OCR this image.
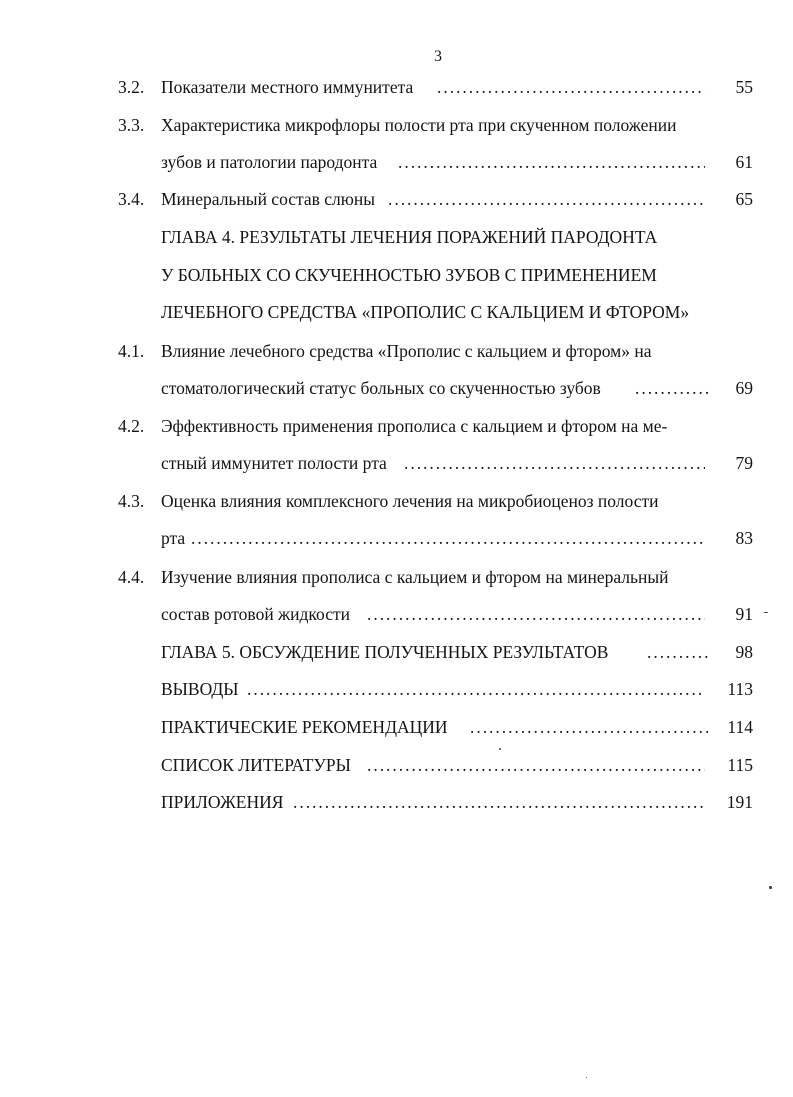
3
3.2. Показатели местного иммунитета . . .	55
3.3. Характеристика микрофлоры полости рта при скученном положении
зубов и патологии пародонта . . .	61
3.4. Минеральный состав слюны . . .	65
ГЛАВА 4. РЕЗУЛЬТАТЫ ЛЕЧЕНИЯ ПОРАЖЕНИЙ ПАРОДОНТА
У БОЛЬНЫХ СО СКУЧЕННОСТЬЮ ЗУБОВ С ПРИМЕНЕНИЕМ
ЛЕЧЕБНОГО СРЕДСТВА «ПРОПОЛИС С КАЛЬЦИЕМ И ФТОРОМ»
4.1. Влияние лечебного средства «Прополис с кальцием и фтором» на
стоматологический статус больных со скученностью зубов . . .	69
4.2. Эффективность применения прополиса с кальцием и фтором на ме-
стный иммунитет полости рта . . .	79
4.3. Оценка влияния комплексного лечения на микробиоценоз полости
рта . . .	83
4.4. Изучение влияния прополиса с кальцием и фтором на минеральный
состав ротовой жидкости . . .	91
ГЛАВА 5. ОБСУЖДЕНИЕ ПОЛУЧЕННЫХ РЕЗУЛЬТАТОВ . . .	98
ВЫВОДЫ . . .	113
ПРАКТИЧЕСКИЕ РЕКОМЕНДАЦИИ . . .	114
СПИСОК ЛИТЕРАТУРЫ . . .	115
ПРИЛОЖЕНИЯ . . .	191
